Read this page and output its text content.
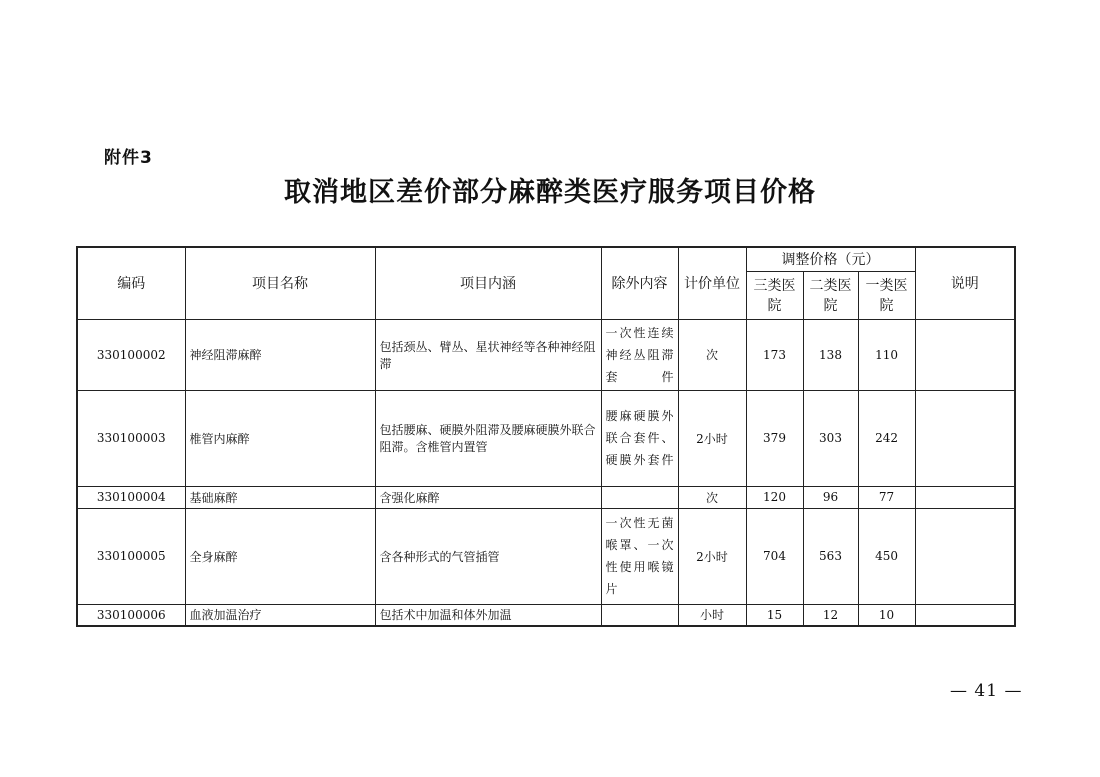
附件3
取消地区差价部分麻醉类医疗服务项目价格
编码	项目名称	项目内涵	除外内容	计价单位	调整价格（元）			说明
					三类医院	二类医院	一类医院	

330100002	神经阻滞麻醉	包括颈丛、臂丛、星状神经等各种神经阻滞	一次性连续神经丛阻滞套件	次	173	138	110	
330100003	椎管内麻醉	包括腰麻、硬膜外阻滞及腰麻硬膜外联合阻滞。含椎管内置管	腰麻硬膜外联合套件、硬膜外套件	2小时	379	303	242	
330100004	基础麻醉	含强化麻醉		次	120	96	77	
330100005	全身麻醉	含各种形式的气管插管	一次性无菌喉罩、一次性使用喉镜片	2小时	704	563	450	
330100006	血液加温治疗	包括术中加温和体外加温		小时	15	12	10	
— 41 —
